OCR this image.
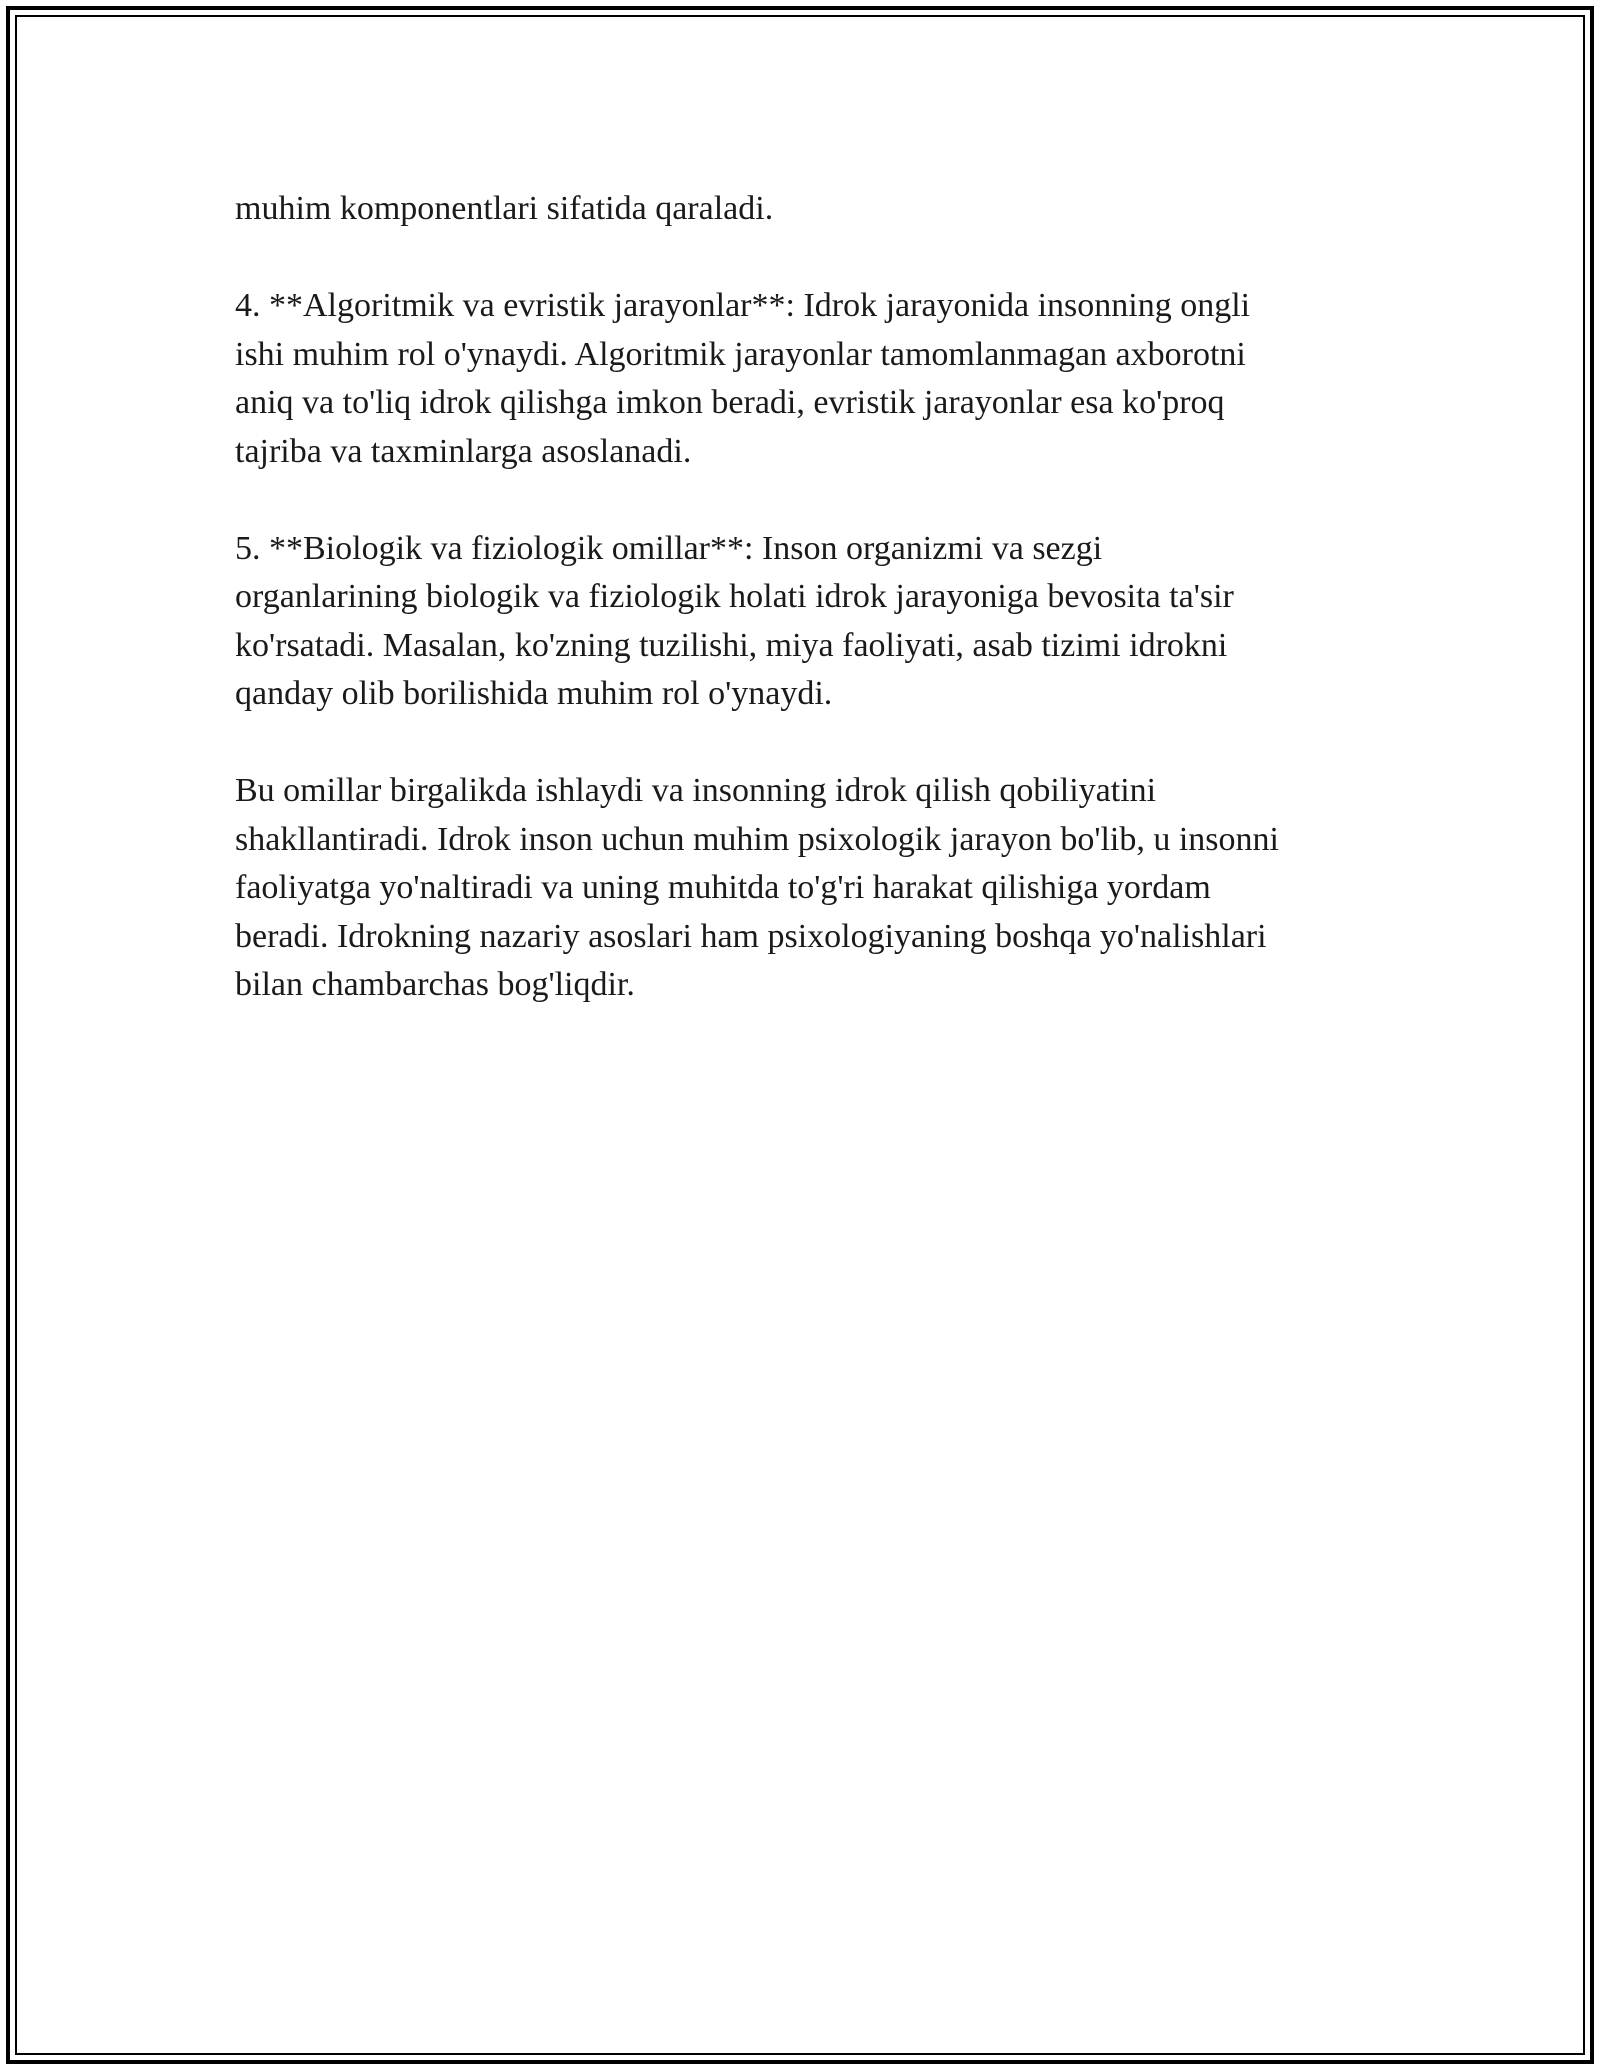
muhim komponentlari sifatida qaraladi.

4. **Algoritmik va evristik jarayonlar**: Idrok jarayonida insonning ongli
ishi muhim rol o'ynaydi. Algoritmik jarayonlar tamomlanmagan axborotni
aniq va to'liq idrok qilishga imkon beradi, evristik jarayonlar esa ko'proq
tajriba va taxminlarga asoslanadi.

5. **Biologik va fiziologik omillar**: Inson organizmi va sezgi
organlarining biologik va fiziologik holati idrok jarayoniga bevosita ta'sir
ko'rsatadi. Masalan, ko'zning tuzilishi, miya faoliyati, asab tizimi idrokni
qanday olib borilishida muhim rol o'ynaydi.

Bu omillar birgalikda ishlaydi va insonning idrok qilish qobiliyatini
shakllantiradi. Idrok inson uchun muhim psixologik jarayon bo'lib, u insonni
faoliyatga yo'naltiradi va uning muhitda to'g'ri harakat qilishiga yordam
beradi. Idrokning nazariy asoslari ham psixologiyaning boshqa yo'nalishlari
bilan chambarchas bog'liqdir.
